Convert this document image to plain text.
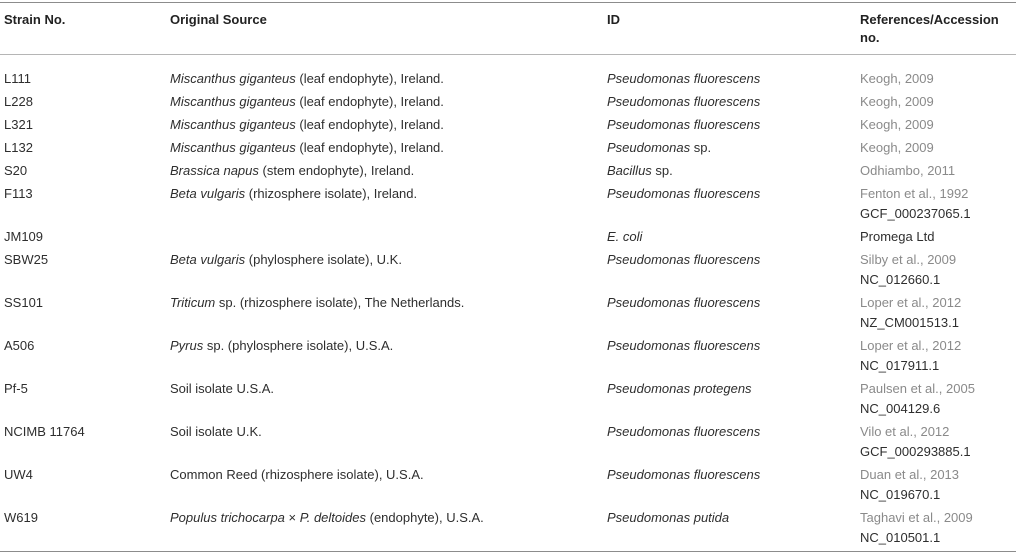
Strain No.	Original Source	ID	References/Accession
no.
L111	Miscanthus giganteus (leaf endophyte), Ireland.	Pseudomonas fluorescens	Keogh, 2009
L228	Miscanthus giganteus (leaf endophyte), Ireland.	Pseudomonas fluorescens	Keogh, 2009
L321	Miscanthus giganteus (leaf endophyte), Ireland.	Pseudomonas fluorescens	Keogh, 2009
L132	Miscanthus giganteus (leaf endophyte), Ireland.	Pseudomonas sp.	Keogh, 2009
S20	Brassica napus (stem endophyte), Ireland.	Bacillus sp.	Odhiambo, 2011
F113	Beta vulgaris (rhizosphere isolate), Ireland.	Pseudomonas fluorescens	Fenton et al., 1992
GCF_000237065.1

JM109		E. coli	Promega Ltd
SBW25	Beta vulgaris (phylosphere isolate), U.K.	Pseudomonas fluorescens	Silby et al., 2009
NC_012660.1

SS101	Triticum sp. (rhizosphere isolate), The Netherlands.	Pseudomonas fluorescens	Loper et al., 2012
NZ_CM001513.1

A506	Pyrus sp. (phylosphere isolate), U.S.A.	Pseudomonas fluorescens	Loper et al., 2012
NC_017911.1

Pf-5	Soil isolate U.S.A.	Pseudomonas protegens	Paulsen et al., 2005
NC_004129.6

NCIMB 11764	Soil isolate U.K.	Pseudomonas fluorescens	Vilo et al., 2012
GCF_000293885.1

UW4	Common Reed (rhizosphere isolate), U.S.A.	Pseudomonas fluorescens	Duan et al., 2013
NC_019670.1

W619	Populus trichocarpa × P. deltoides (endophyte), U.S.A.	Pseudomonas putida	Taghavi et al., 2009
NC_010501.1
